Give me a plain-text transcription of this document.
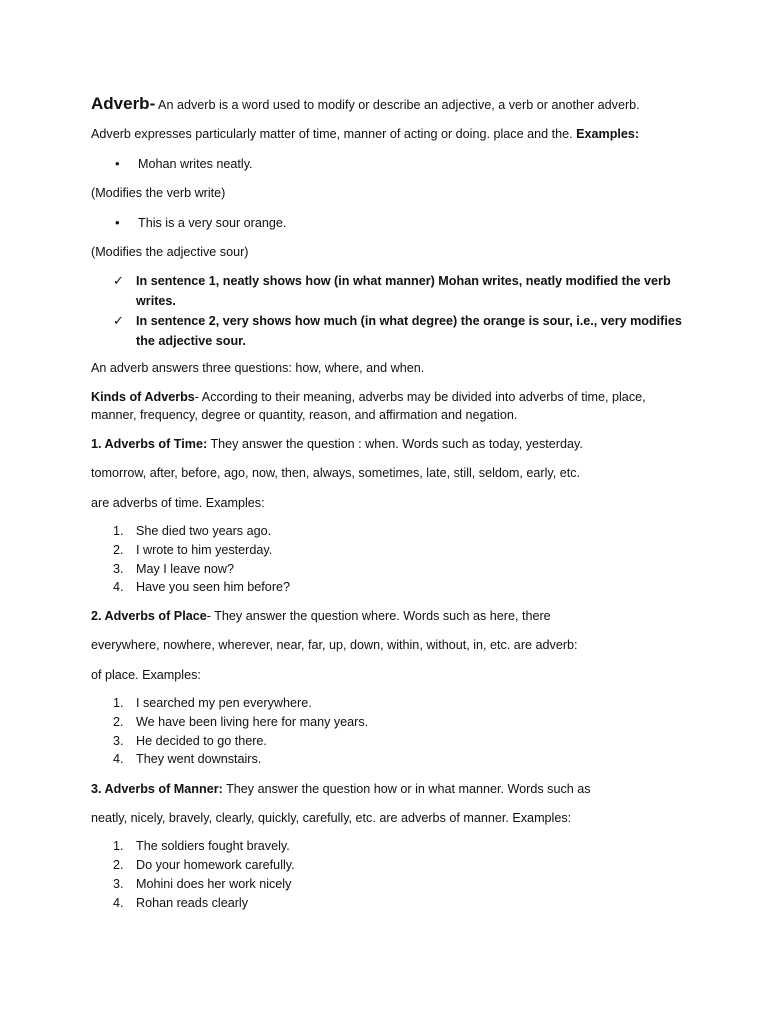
Adverb- An adverb is a word used to modify or describe an adjective, a verb or another adverb.
Adverb expresses particularly matter of time, manner of acting or doing. place and the. Examples:
• Mohan writes neatly.
(Modifies the verb write)
• This is a very sour orange.
(Modifies the adjective sour)
✓ In sentence 1, neatly shows how (in what manner) Mohan writes, neatly modified the verb writes.
✓ In sentence 2, very shows how much (in what degree) the orange is sour, i.e., very modifies the adjective sour.
An adverb answers three questions: how, where, and when.
Kinds of Adverbs- According to their meaning, adverbs may be divided into adverbs of time, place,
manner, frequency, degree or quantity, reason, and affirmation and negation.
1. Adverbs of Time: They answer the question : when. Words such as today, yesterday.
tomorrow, after, before, ago, now, then, always, sometimes, late, still, seldom, early, etc.
are adverbs of time. Examples:
1. She died two years ago.
2. I wrote to him yesterday.
3. May I leave now?
4. Have you seen him before?
2. Adverbs of Place- They answer the question where. Words such as here, there
everywhere, nowhere, wherever, near, far, up, down, within, without, in, etc. are adverb:
of place. Examples:
1. I searched my pen everywhere.
2. We have been living here for many years.
3. He decided to go there.
4. They went downstairs.
3. Adverbs of Manner: They answer the question how or in what manner. Words such as
neatly, nicely, bravely, clearly, quickly, carefully, etc. are adverbs of manner. Examples:
1. The soldiers fought bravely.
2. Do your homework carefully.
3. Mohini does her work nicely
4. Rohan reads clearly
